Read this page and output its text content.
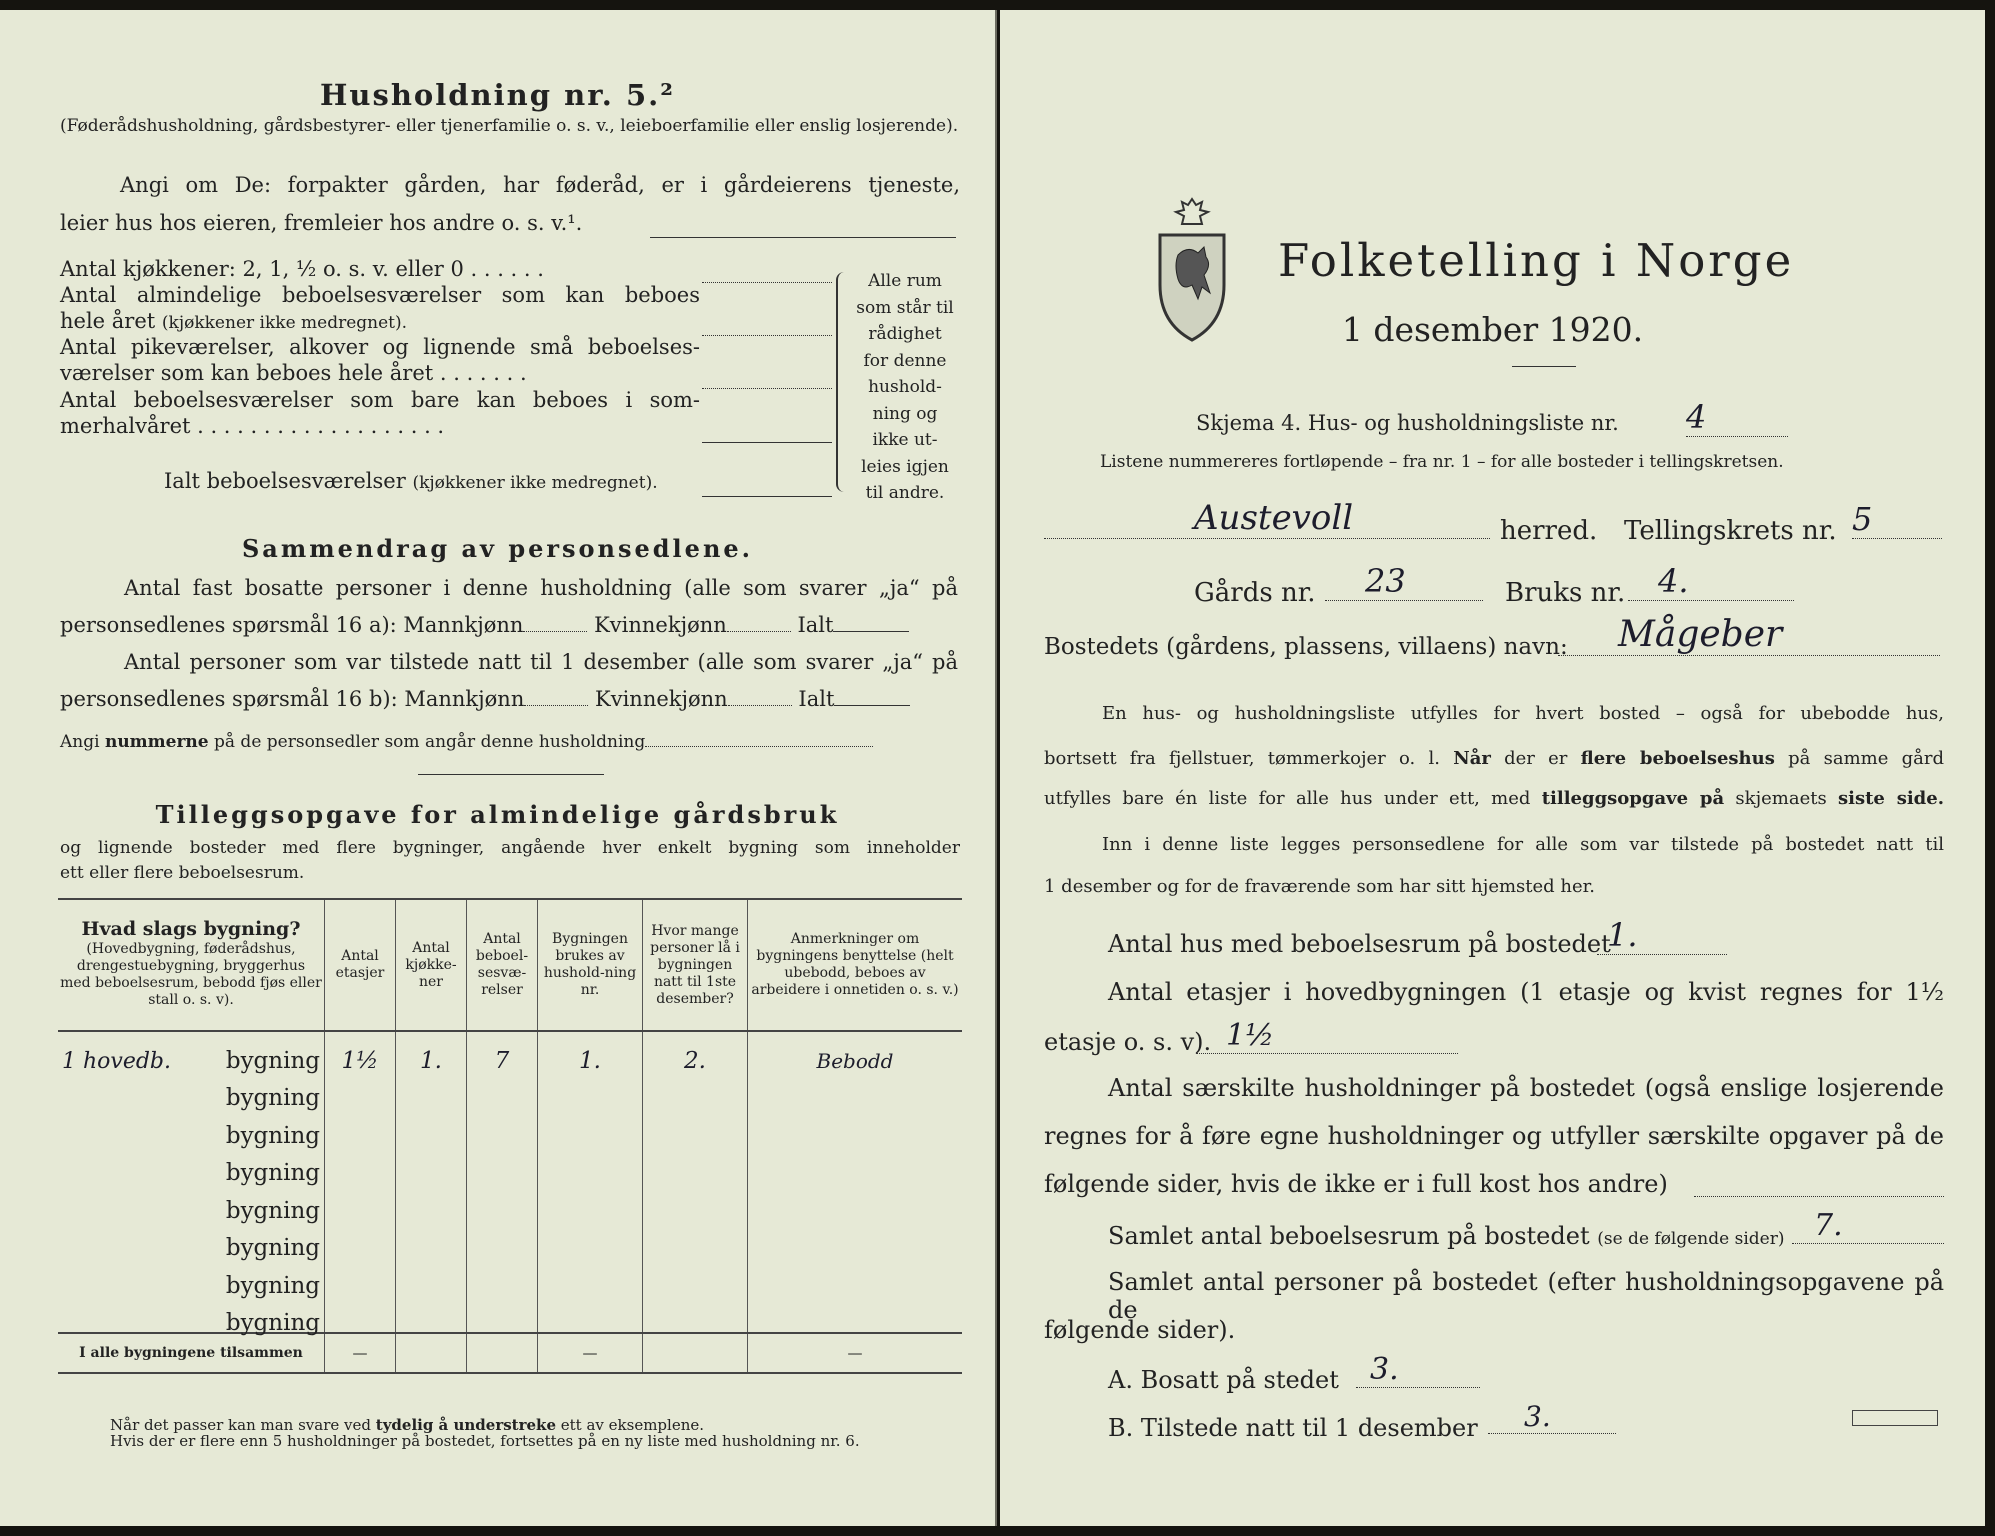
Husholdning nr. 5.²
(Føderådshusholdning, gårdsbestyrer- eller tjenerfamilie o. s. v., leieboerfamilie eller enslig losjerende).
Angi om De: forpakter gården, har føderåd, er i gårdeierens tjeneste,
leier hus hos eieren, fremleier hos andre o. s. v.¹.
Antal kjøkkener: 2, 1, ½ o. s. v. eller 0 . . . . . .
Antal almindelige beboelsesværelser som kan beboes
hele året (kjøkkener ikke medregnet).
Antal pikeværelser, alkover og lignende små beboelses-
værelser som kan beboes hele året . . . . . . .
Antal beboelsesværelser som bare kan beboes i som-
merhalvåret . . . . . . . . . . . . . . . . . . .
Ialt beboelsesværelser (kjøkkener ikke medregnet).
Alle rum
som står til
rådighet
for denne
hushold-
ning og
ikke ut-
leies igjen
til andre.
Sammendrag av personsedlene.
Antal fast bosatte personer i denne husholdning (alle som svarer „ja“ på
personsedlenes spørsmål 16 a): Mannkjønn	Kvinnekjønn	Ialt
Antal personer som var tilstede natt til 1 desember (alle som svarer „ja“ på
personsedlenes spørsmål 16 b): Mannkjønn	Kvinnekjønn	Ialt
Angi nummerne på de personsedler som angår denne husholdning
Tilleggsopgave for almindelige gårdsbruk
og lignende bosteder med flere bygninger, angående hver enkelt bygning som inneholder
ett eller flere beboelsesrum.
Hvad slags bygning?
(Hovedbygning, føderådshus, drengestuebygning, bryggerhus med beboelsesrum, bebodd fjøs eller stall o. s. v).	Antal etasjer	Antal kjøkke-ner	Antal beboel-sesvæ-relser	Bygningen brukes av hushold-ning nr.	Hvor mange personer lå i bygningen natt til 1ste desember?	Anmerkninger om bygningens benyttelse (helt ubebodd, beboes av arbeidere i onnetiden o. s. v.)

1 hovedb. bygning	1½	1.	7	1.	2.	Bebodd
bygning						
bygning						
bygning						
bygning						
bygning						
bygning						
bygning						
I alle bygningene tilsammen	—			—		—
Når det passer kan man svare ved tydelig å understreke ett av eksemplene.
Hvis der er flere enn 5 husholdninger på bostedet, fortsettes på en ny liste med husholdning nr. 6.
Folketelling i Norge
1 desember 1920.
Skjema 4. Hus- og husholdningsliste nr. 4
Listene nummereres fortløpende – fra nr. 1 – for alle bosteder i tellingskretsen.
Austevoll	herred. Tellingskrets nr. 5
Gårds nr.	23	Bruks nr.	4.
Bostedets (gårdens, plassens, villaens) navn:	Mågeber
En hus- og husholdningsliste utfylles for hvert bosted – også for ubebodde hus,
bortsett fra fjellstuer, tømmerkojer o. l. Når der er flere beboelseshus på samme gård
utfylles bare én liste for alle hus under ett, med tilleggsopgave på skjemaets siste side.
Inn i denne liste legges personsedlene for alle som var tilstede på bostedet natt til
1 desember og for de fraværende som har sitt hjemsted her.
Antal hus med beboelsesrum på bostedet
1.
Antal etasjer i hovedbygningen (1 etasje og kvist regnes for 1½
etasje o. s. v). 1½
Antal særskilte husholdninger på bostedet (også enslige losjerende
regnes for å føre egne husholdninger og utfyller særskilte opgaver på de
følgende sider, hvis de ikke er i full kost hos andre)
Samlet antal beboelsesrum på bostedet (se de følgende sider) 7.
Samlet antal personer på bostedet (efter husholdningsopgavene på de
følgende sider).
A. Bosatt på stedet	3.
B. Tilstede natt til 1 desember	3.
